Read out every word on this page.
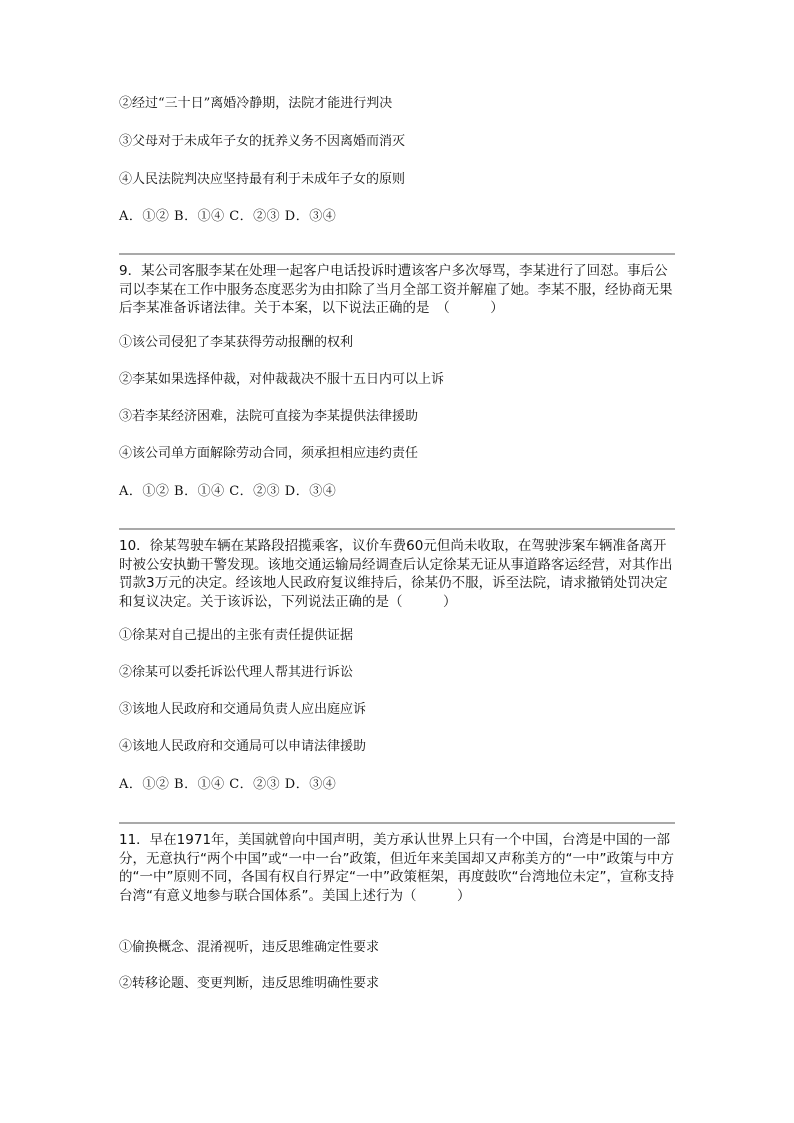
②经过“三十日”离婚冷静期，法院才能进行判决
③父母对于未成年子女的抚养义务不因离婚而消灭
④人民法院判决应坚持最有利于未成年子女的原则
A．①② B．①④ C．②③ D．③④
9．某公司客服李某在处理一起客户电话投诉时遭该客户多次辱骂，李某进行了回怼。事后公司以李某在工作中服务态度恶劣为由扣除了当月全部工资并解雇了她。李某不服，经协商无果后李某准备诉诸法律。关于本案，以下说法正确的是　（　　　）
①该公司侵犯了李某获得劳动报酬的权利
②李某如果选择仲裁，对仲裁裁决不服十五日内可以上诉
③若李某经济困难，法院可直接为李某提供法律援助
④该公司单方面解除劳动合同，须承担相应违约责任
A．①② B．①④ C．②③ D．③④
10．徐某驾驶车辆在某路段招揽乘客，议价车费60元但尚未收取，在驾驶涉案车辆准备离开时被公安执勤干警发现。该地交通运输局经调查后认定徐某无证从事道路客运经营，对其作出罚款3万元的决定。经该地人民政府复议维持后，徐某仍不服，诉至法院，请求撤销处罚决定和复议决定。关于该诉讼，下列说法正确的是（　　　）
①徐某对自己提出的主张有责任提供证据
②徐某可以委托诉讼代理人帮其进行诉讼
③该地人民政府和交通局负责人应出庭应诉
④该地人民政府和交通局可以申请法律援助
A．①② B．①④ C．②③ D．③④
11．早在1971年，美国就曾向中国声明，美方承认世界上只有一个中国，台湾是中国的一部分，无意执行“两个中国”或“一中一台”政策，但近年来美国却又声称美方的“一中”政策与中方的“一中”原则不同，各国有权自行界定“一中”政策框架，再度鼓吹“台湾地位未定”，宣称支持台湾“有意义地参与联合国体系”。美国上述行为（　　　）
①偷换概念、混淆视听，违反思维确定性要求
②转移论题、变更判断，违反思维明确性要求
